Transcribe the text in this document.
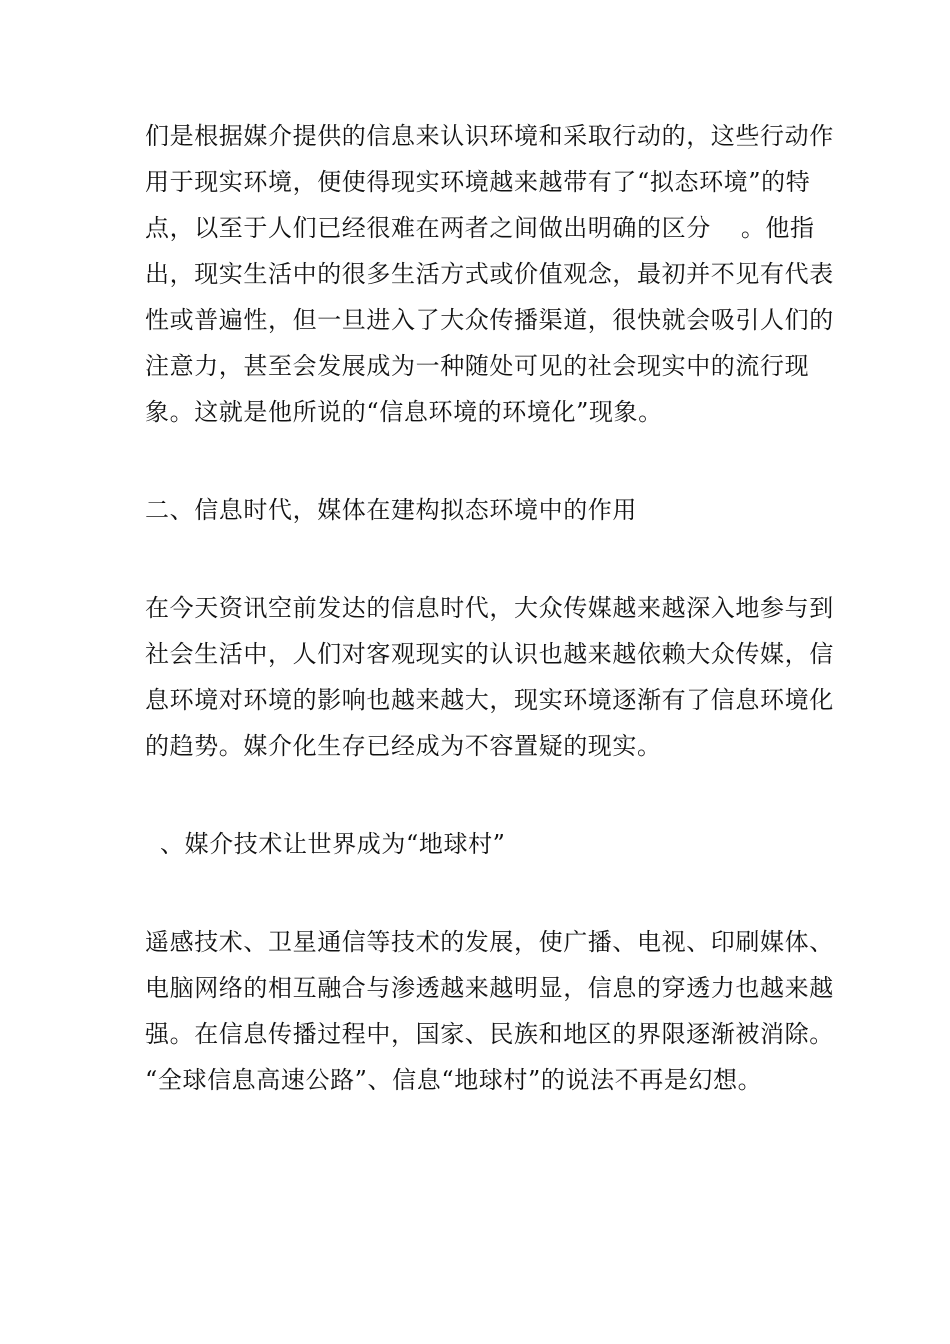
们是根据媒介提供的信息来认识环境和采取行动的，这些行动作
用于现实环境，便使得现实环境越来越带有了“拟态环境”的特
点，以至于人们已经很难在两者之间做出明确的区分 。他指
出，现实生活中的很多生活方式或价值观念，最初并不见有代表
性或普遍性，但一旦进入了大众传播渠道，很快就会吸引人们的
注意力，甚至会发展成为一种随处可见的社会现实中的流行现
象。这就是他所说的“信息环境的环境化”现象。
二、信息时代，媒体在建构拟态环境中的作用
在今天资讯空前发达的信息时代，大众传媒越来越深入地参与到
社会生活中，人们对客观现实的认识也越来越依赖大众传媒，信
息环境对环境的影响也越来越大，现实环境逐渐有了信息环境化
的趋势。媒介化生存已经成为不容置疑的现实。
、媒介技术让世界成为“地球村”
遥感技术、卫星通信等技术的发展，使广播、电视、印刷媒体、
电脑网络的相互融合与渗透越来越明显，信息的穿透力也越来越
强。在信息传播过程中，国家、民族和地区的界限逐渐被消除。
“全球信息高速公路”、信息“地球村”的说法不再是幻想。
